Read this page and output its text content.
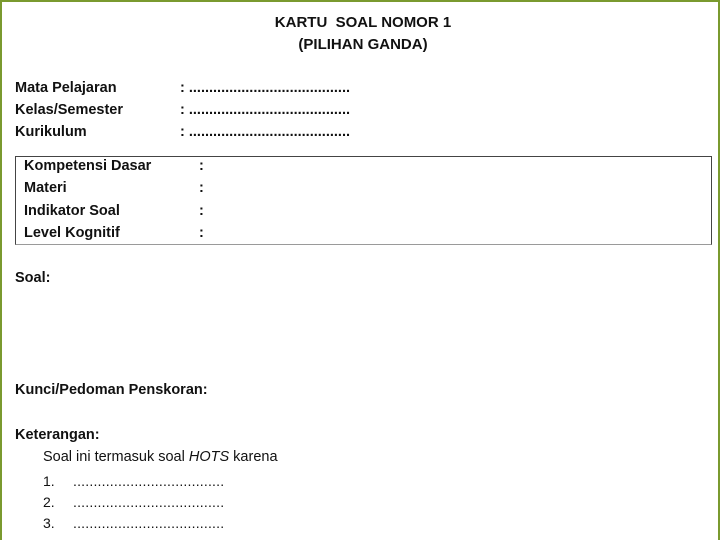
KARTU  SOAL NOMOR 1
(PILIHAN GANDA)
Mata Pelajaran	: ........................................
Kelas/Semester	: ........................................
Kurikulum	: ........................................
Kompetensi Dasar	:
Materi	:
Indikator Soal	:
Level Kognitif	:
Soal:
Kunci/Pedoman Penskoran:
Keterangan:
Soal ini termasuk soal HOTS karena
1. .....................................
2. .....................................
3. .....................................
